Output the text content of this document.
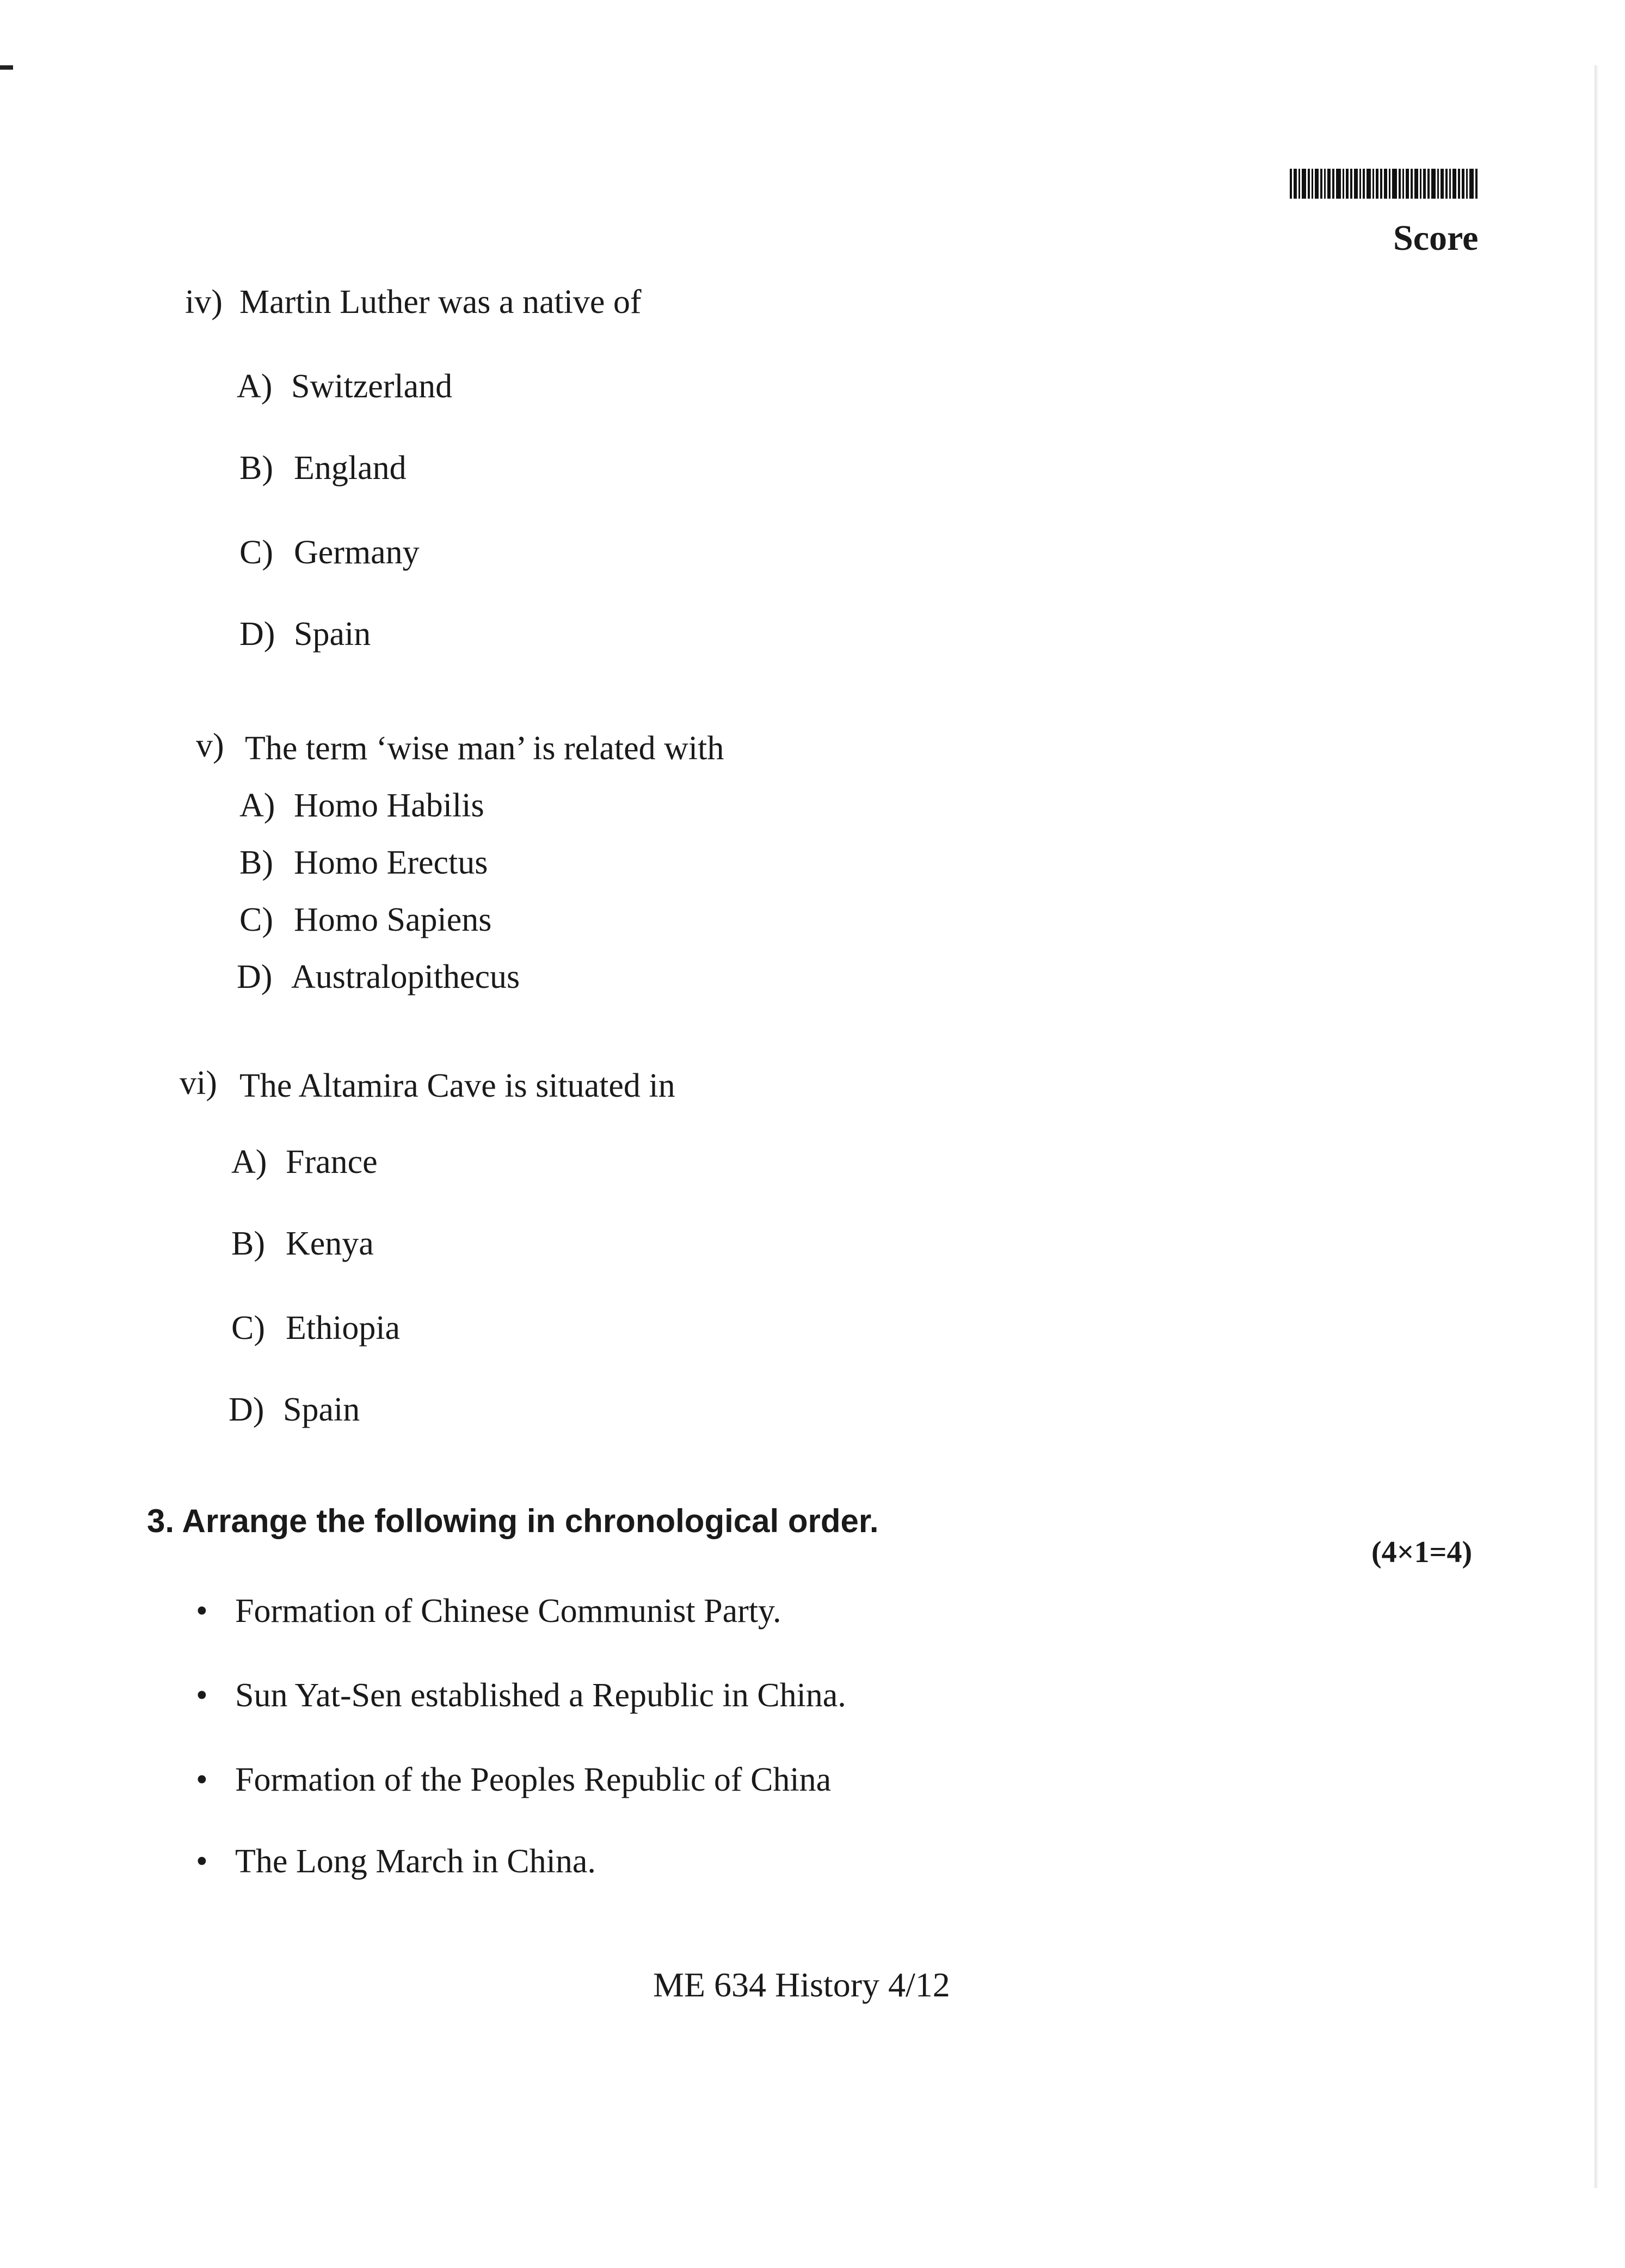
Score
iv) Martin Luther was a native of
A) Switzerland
B) England
C) Germany
D) Spain
v) The term ‘wise man’ is related with
A) Homo Habilis
B) Homo Erectus
C) Homo Sapiens
D) Australopithecus
vi) The Altamira Cave is situated in
A) France
B) Kenya
C) Ethiopia
D) Spain
3. Arrange the following in chronological order.
(4×1=4)
• Formation of Chinese Communist Party.
• Sun Yat-Sen established a Republic in China.
• Formation of the Peoples Republic of China
• The Long March in China.
ME 634 History 4/12
